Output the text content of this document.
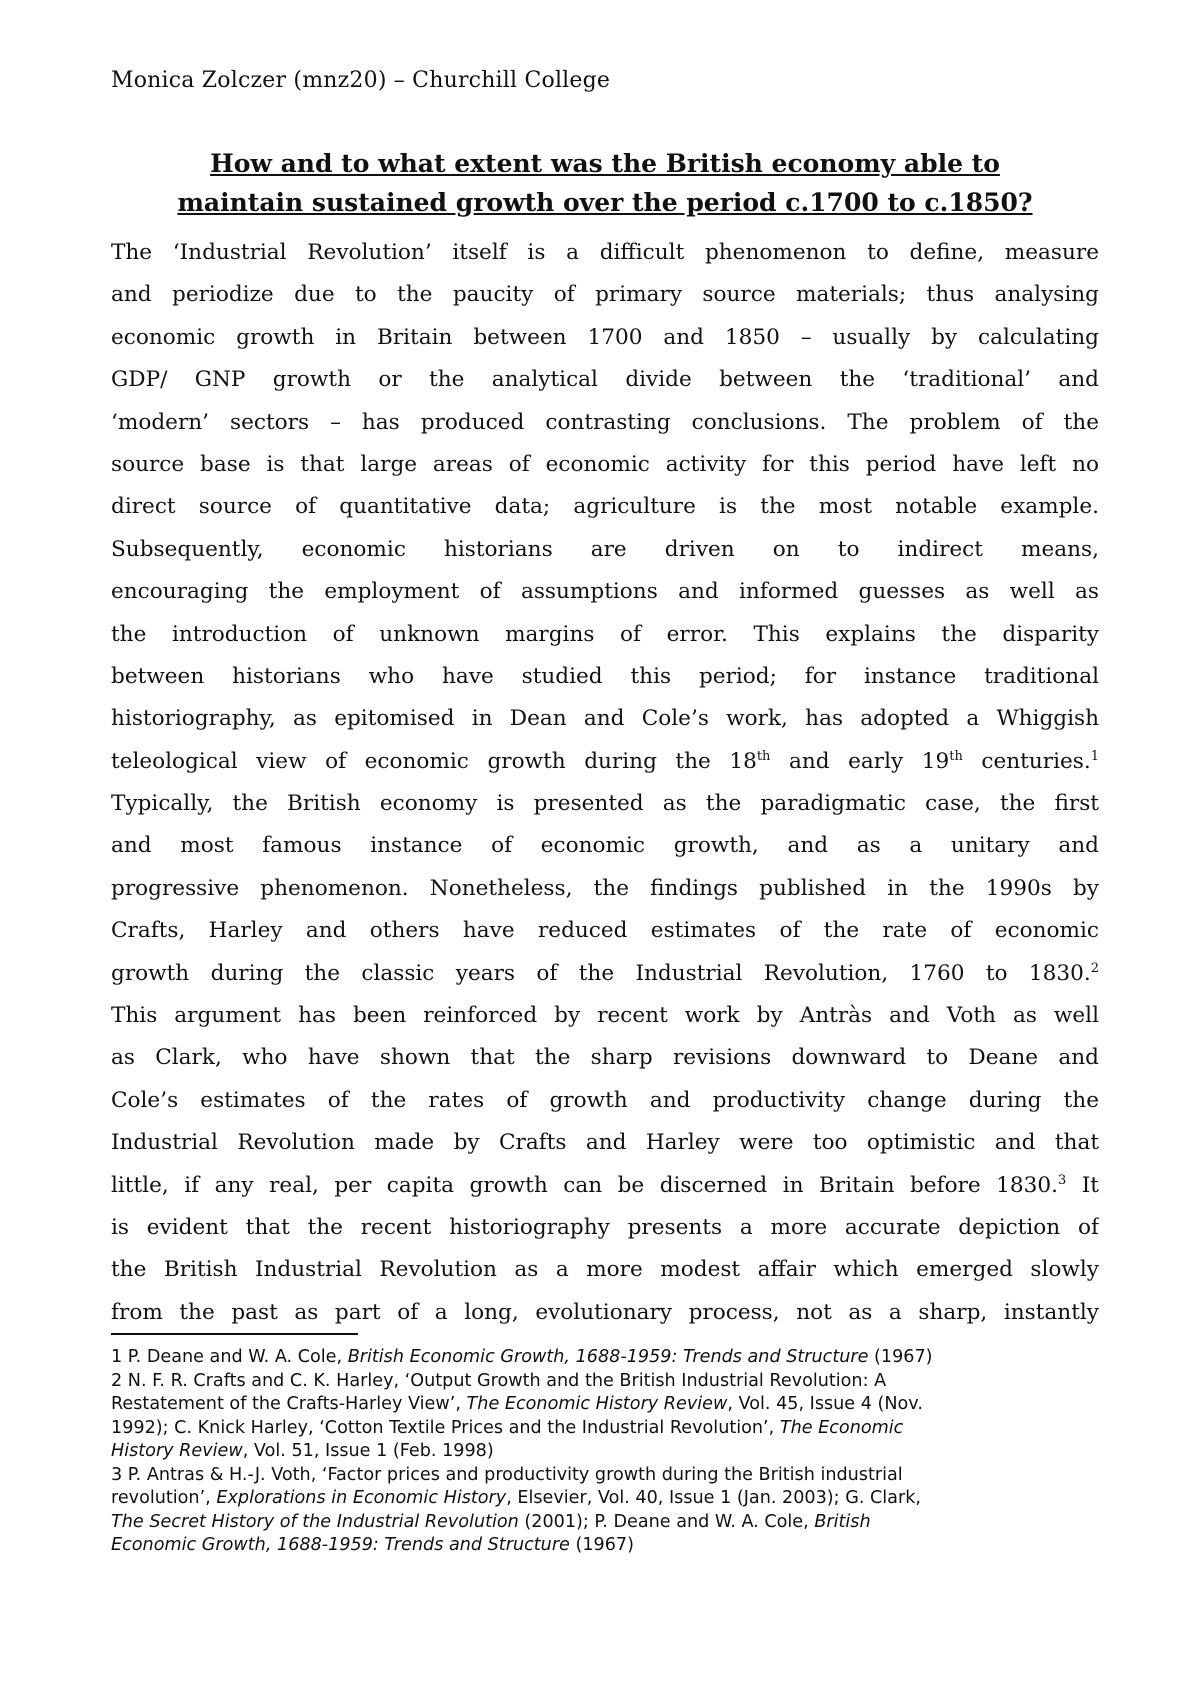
Monica Zolczer (mnz20) – Churchill College
How and to what extent was the British economy able to
maintain sustained growth over the period c.1700 to c.1850?
The ‘Industrial Revolution’ itself is a difficult phenomenon to define, measure
and periodize due to the paucity of primary source materials; thus analysing
economic growth in Britain between 1700 and 1850 – usually by calculating
GDP/ GNP growth or the analytical divide between the ‘traditional’ and
‘modern’ sectors – has produced contrasting conclusions. The problem of the
source base is that large areas of economic activity for this period have left no
direct source of quantitative data; agriculture is the most notable example.
Subsequently, economic historians are driven on to indirect means,
encouraging the employment of assumptions and informed guesses as well as
the introduction of unknown margins of error. This explains the disparity
between historians who have studied this period; for instance traditional
historiography, as epitomised in Dean and Cole’s work, has adopted a Whiggish
teleological view of economic growth during the 18th and early 19th centuries.$^1$
Typically, the British economy is presented as the paradigmatic case, the first
and most famous instance of economic growth, and as a unitary and
progressive phenomenon. Nonetheless, the findings published in the 1990s by
Crafts, Harley and others have reduced estimates of the rate of economic
growth during the classic years of the Industrial Revolution, 1760 to 1830.$^2$
This argument has been reinforced by recent work by Antràs and Voth as well
as Clark, who have shown that the sharp revisions downward to Deane and
Cole’s estimates of the rates of growth and productivity change during the
Industrial Revolution made by Crafts and Harley were too optimistic and that
little, if any real, per capita growth can be discerned in Britain before 1830.$^3$ It
is evident that the recent historiography presents a more accurate depiction of
the British Industrial Revolution as a more modest affair which emerged slowly
from the past as part of a long, evolutionary process, not as a sharp, instantly
1 P. Deane and W. A. Cole, British Economic Growth, 1688-1959: Trends and Structure (1967)
2 N. F. R. Crafts and C. K. Harley, ‘Output Growth and the British Industrial Revolution: A
Restatement of the Crafts-Harley View’, The Economic History Review, Vol. 45, Issue 4 (Nov.
1992); C. Knick Harley, ‘Cotton Textile Prices and the Industrial Revolution’, The Economic
History Review, Vol. 51, Issue 1 (Feb. 1998)
3 P. Antras & H.-J. Voth, ‘Factor prices and productivity growth during the British industrial
revolution’, Explorations in Economic History, Elsevier, Vol. 40, Issue 1 (Jan. 2003); G. Clark,
The Secret History of the Industrial Revolution (2001); P. Deane and W. A. Cole, British
Economic Growth, 1688-1959: Trends and Structure (1967)
